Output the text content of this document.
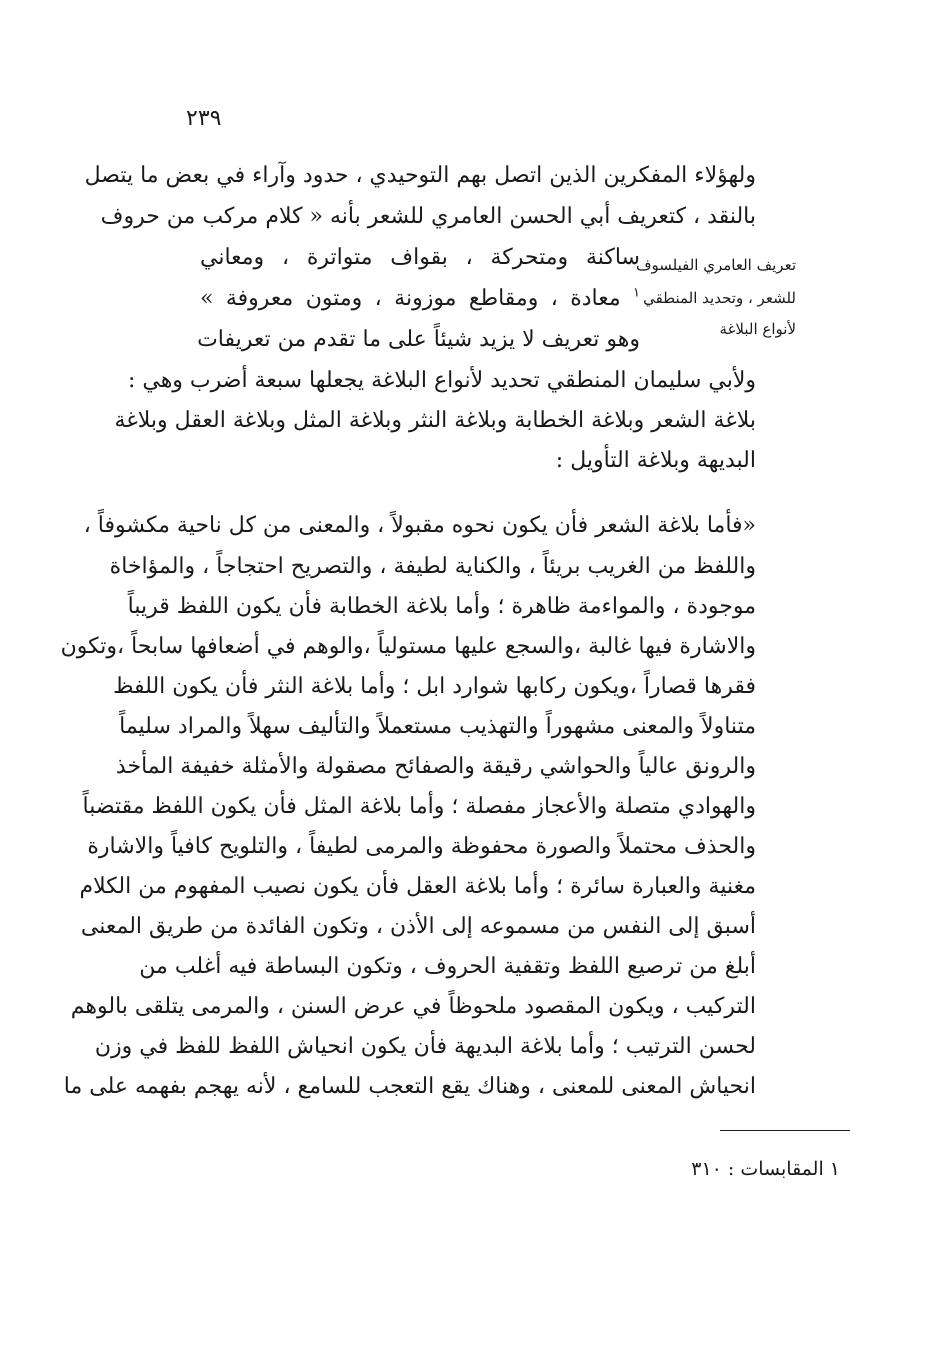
٢٣٩
ولهؤلاء المفكرين الذين اتصل بهم التوحيدي ، حدود وآراء في بعض ما يتصل
بالنقد ، كتعريف أبي الحسن العامري للشعر بأنه « كلام مركب من حروف
ساكنة ومتحركة ، بقواف متواترة ، ومعاني
$^١$ معادة ، ومقاطع موزونة ، ومتون معروفة »
وهو تعريف لا يزيد شيئاً على ما تقدم من تعريفات
ولأبي سليمان المنطقي تحديد لأنواع البلاغة يجعلها سبعة أضرب وهي :
بلاغة الشعر وبلاغة الخطابة وبلاغة النثر وبلاغة المثل وبلاغة العقل وبلاغة
البديهة وبلاغة التأويل :
تعريف العامري الفيلسوف
للشعر ، وتحديد المنطقي
لأنواع البلاغة
«فأما بلاغة الشعر فأن يكون نحوه مقبولاً ، والمعنى من كل ناحية مكشوفاً ،
واللفظ من الغريب بريئاً ، والكناية لطيفة ، والتصريح احتجاجاً ، والمؤاخاة
موجودة ، والمواءمة ظاهرة ؛ وأما بلاغة الخطابة فأن يكون اللفظ قريباً
والاشارة فيها غالبة ،والسجع عليها مستولياً ،والوهم في أضعافها سابحاً ،وتكون
فقرها قصاراً ،ويكون ركابها شوارد ابل ؛ وأما بلاغة النثر فأن يكون اللفظ
متناولاً والمعنى مشهوراً والتهذيب مستعملاً والتأليف سهلاً والمراد سليماً
والرونق عالياً والحواشي رقيقة والصفائح مصقولة والأمثلة خفيفة المأخذ
والهوادي متصلة والأعجاز مفصلة ؛ وأما بلاغة المثل فأن يكون اللفظ مقتضباً
والحذف محتملاً والصورة محفوظة والمرمى لطيفاً ، والتلويح كافياً والاشارة
مغنية والعبارة سائرة ؛ وأما بلاغة العقل فأن يكون نصيب المفهوم من الكلام
أسبق إلى النفس من مسموعه إلى الأذن ، وتكون الفائدة من طريق المعنى
أبلغ من ترصيع اللفظ وتقفية الحروف ، وتكون البساطة فيه أغلب من
التركيب ، ويكون المقصود ملحوظاً في عرض السنن ، والمرمى يتلقى بالوهم
لحسن الترتيب ؛ وأما بلاغة البديهة فأن يكون انحياش اللفظ للفظ في وزن
انحياش المعنى للمعنى ، وهناك يقع التعجب للسامع ، لأنه يهجم بفهمه على ما
١ المقابسات : ٣١٠
